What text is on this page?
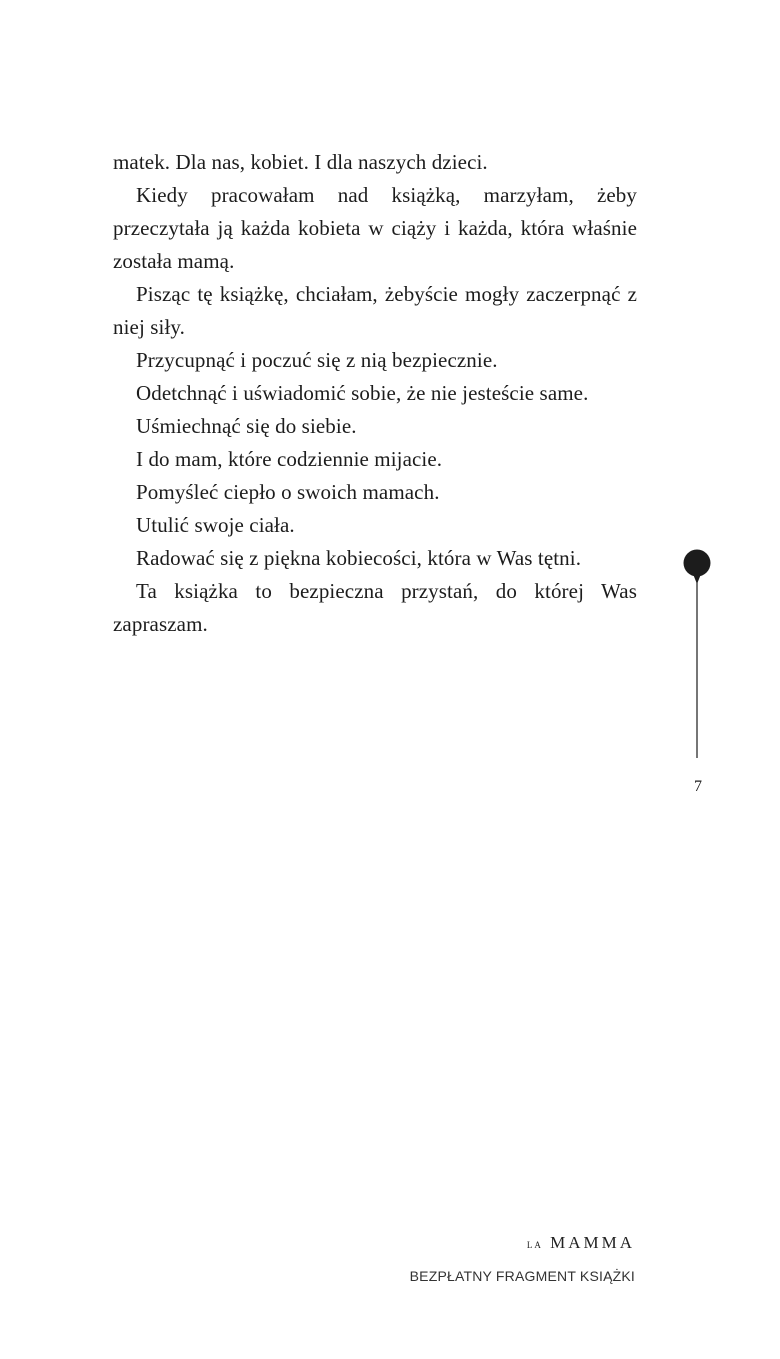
matek. Dla nas, kobiet. I dla naszych dzieci.

Kiedy pracowałam nad książką, marzyłam, żeby przeczytała ją każda kobieta w ciąży i każda, która właśnie została mamą.

Pisząc tę książkę, chciałam, żebyście mogły zaczerpnąć z niej siły.

Przycupnąć i poczuć się z nią bezpiecznie.

Odetchnąć i uświadomić sobie, że nie jesteście same.

Uśmiechnąć się do siebie.

I do mam, które codziennie mijacie.

Pomyśleć ciepło o swoich mamach.

Utulić swoje ciała.

Radować się z piękna kobiecości, która w Was tętni.

Ta książka to bezpieczna przystań, do której Was zapraszam.

7
LA MAMMA
BEZPŁATNY FRAGMENT KSIĄŻKI
